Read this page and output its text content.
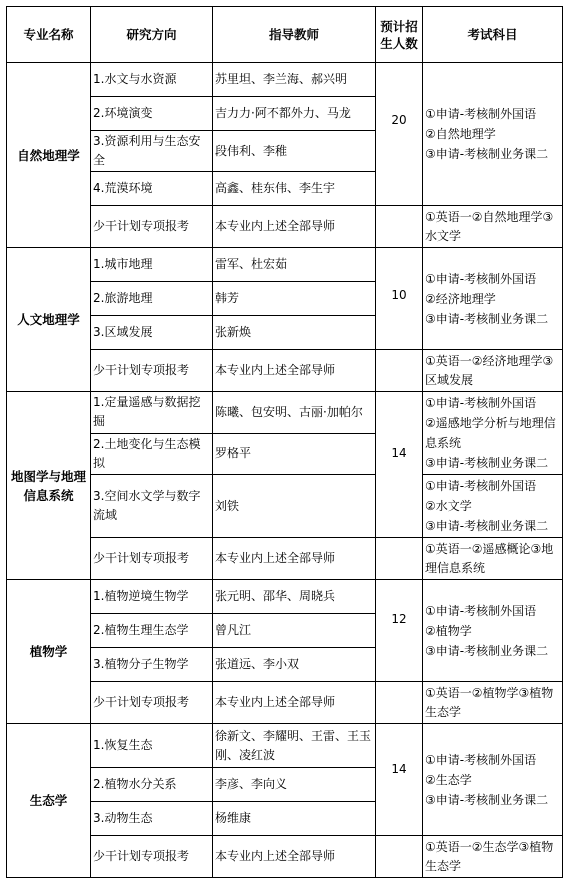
专业名称	研究方向	指导教师	预计招生人数	考试科目
自然地理学	1.水文与水资源	苏里坦、李兰海、郝兴明	20	①申请-考核制外国语
②自然地理学
③申请-考核制业务课二

	2.环境演变	吉力力·阿不都外力、马龙		
	3.资源利用与生态安全	段伟利、李稚		
	4.荒漠环境	高鑫、桂东伟、李生宇		
	少干计划专项报考	本专业内上述全部导师		①英语一②自然地理学③水文学
人文地理学	1.城市地理	雷军、杜宏茹	10	①申请-考核制外国语
②经济地理学
③申请-考核制业务课二

	2.旅游地理	韩芳		
	3.区域发展	张新焕		
	少干计划专项报考	本专业内上述全部导师		①英语一②经济地理学③区域发展
地图学与地理信息系统	1.定量遥感与数据挖掘	陈曦、包安明、古丽·加帕尔	14	①申请-考核制外国语
②遥感地学分析与地理信息系统
③申请-考核制业务课二

	2.土地变化与生态模拟	罗格平		
	3.空间水文学与数字流域	刘铁		①申请-考核制外国语
②水文学
③申请-考核制业务课二

	少干计划专项报考	本专业内上述全部导师		①英语一②遥感概论③地理信息系统
植物学	1.植物逆境生物学	张元明、邵华、周晓兵	12	①申请-考核制外国语
②植物学
③申请-考核制业务课二

	2.植物生理生态学	曾凡江		
	3.植物分子生物学	张道远、李小双		
	少干计划专项报考	本专业内上述全部导师		①英语一②植物学③植物生态学
生态学	1.恢复生态	徐新文、李耀明、王雷、王玉刚、凌红波	14	①申请-考核制外国语
②生态学
③申请-考核制业务课二

	2.植物水分关系	李彦、李向义		
	3.动物生态	杨维康		
	少干计划专项报考	本专业内上述全部导师		①英语一②生态学③植物生态学
